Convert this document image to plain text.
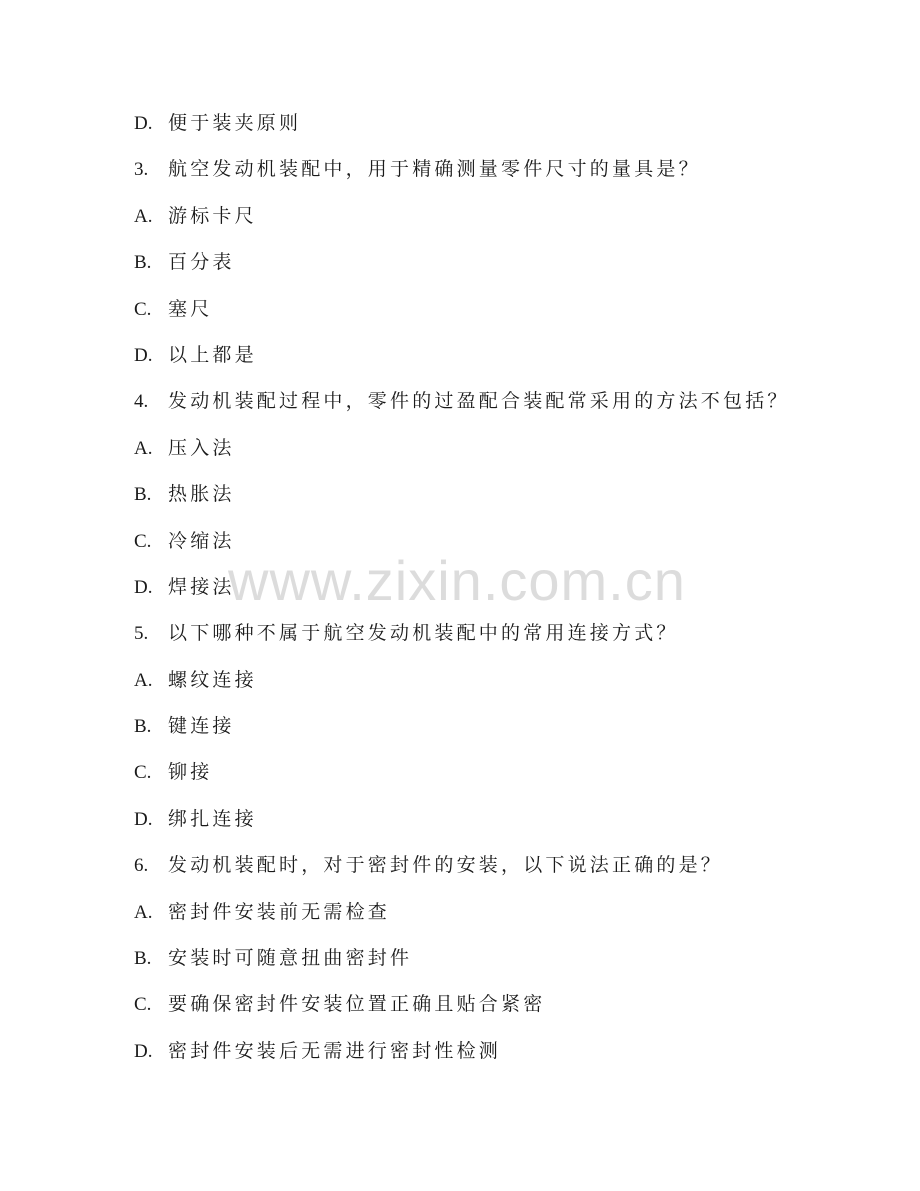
D. 便于装夹原则
3. 航空发动机装配中，用于精确测量零件尺寸的量具是？
A. 游标卡尺
B. 百分表
C. 塞尺
D. 以上都是
4. 发动机装配过程中，零件的过盈配合装配常采用的方法不包括？
A. 压入法
B. 热胀法
C. 冷缩法
D. 焊接法
5. 以下哪种不属于航空发动机装配中的常用连接方式？
A. 螺纹连接
B. 键连接
C. 铆接
D. 绑扎连接
6. 发动机装配时，对于密封件的安装，以下说法正确的是？
A. 密封件安装前无需检查
B. 安装时可随意扭曲密封件
C. 要确保密封件安装位置正确且贴合紧密
D. 密封件安装后无需进行密封性检测
www.zixin.com.cn
